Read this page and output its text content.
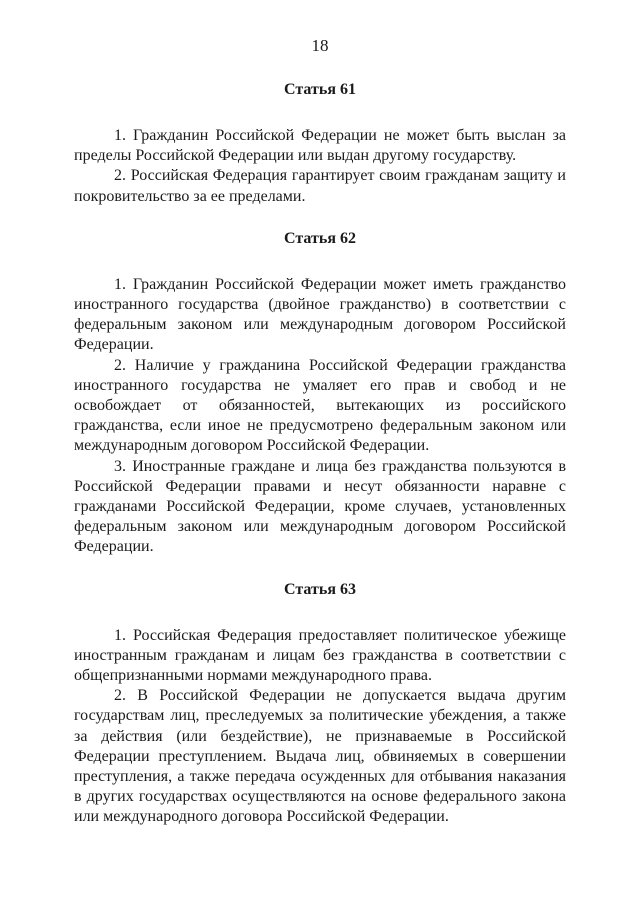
18
Статья 61

1. Гражданин Российской Федерации не может быть выслан за пределы Российской Федерации или выдан другому государству.

2. Российская Федерация гарантирует своим гражданам защиту и покровительство за ее пределами.

Статья 62

1. Гражданин Российской Федерации может иметь гражданство иностранного государства (двойное гражданство) в соответствии с федеральным законом или международным договором Российской Федерации.

2. Наличие у гражданина Российской Федерации гражданства иностранного государства не умаляет его прав и свобод и не освобождает от обязанностей, вытекающих из российского гражданства, если иное не предусмотрено федеральным законом или международным договором Российской Федерации.

3. Иностранные граждане и лица без гражданства пользуются в Российской Федерации правами и несут обязанности наравне с гражданами Российской Федерации, кроме случаев, установленных федеральным законом или международным договором Российской Федерации.

Статья 63

1. Российская Федерация предоставляет политическое убежище иностранным гражданам и лицам без гражданства в соответствии с общепризнанными нормами международного права.

2. В Российской Федерации не допускается выдача другим государствам лиц, преследуемых за политические убеждения, а также за действия (или бездействие), не признаваемые в Российской Федерации преступлением. Выдача лиц, обвиняемых в совершении преступления, а также передача осужденных для отбывания наказания в других государствах осуществляются на основе федерального закона или международного договора Российской Федерации.
